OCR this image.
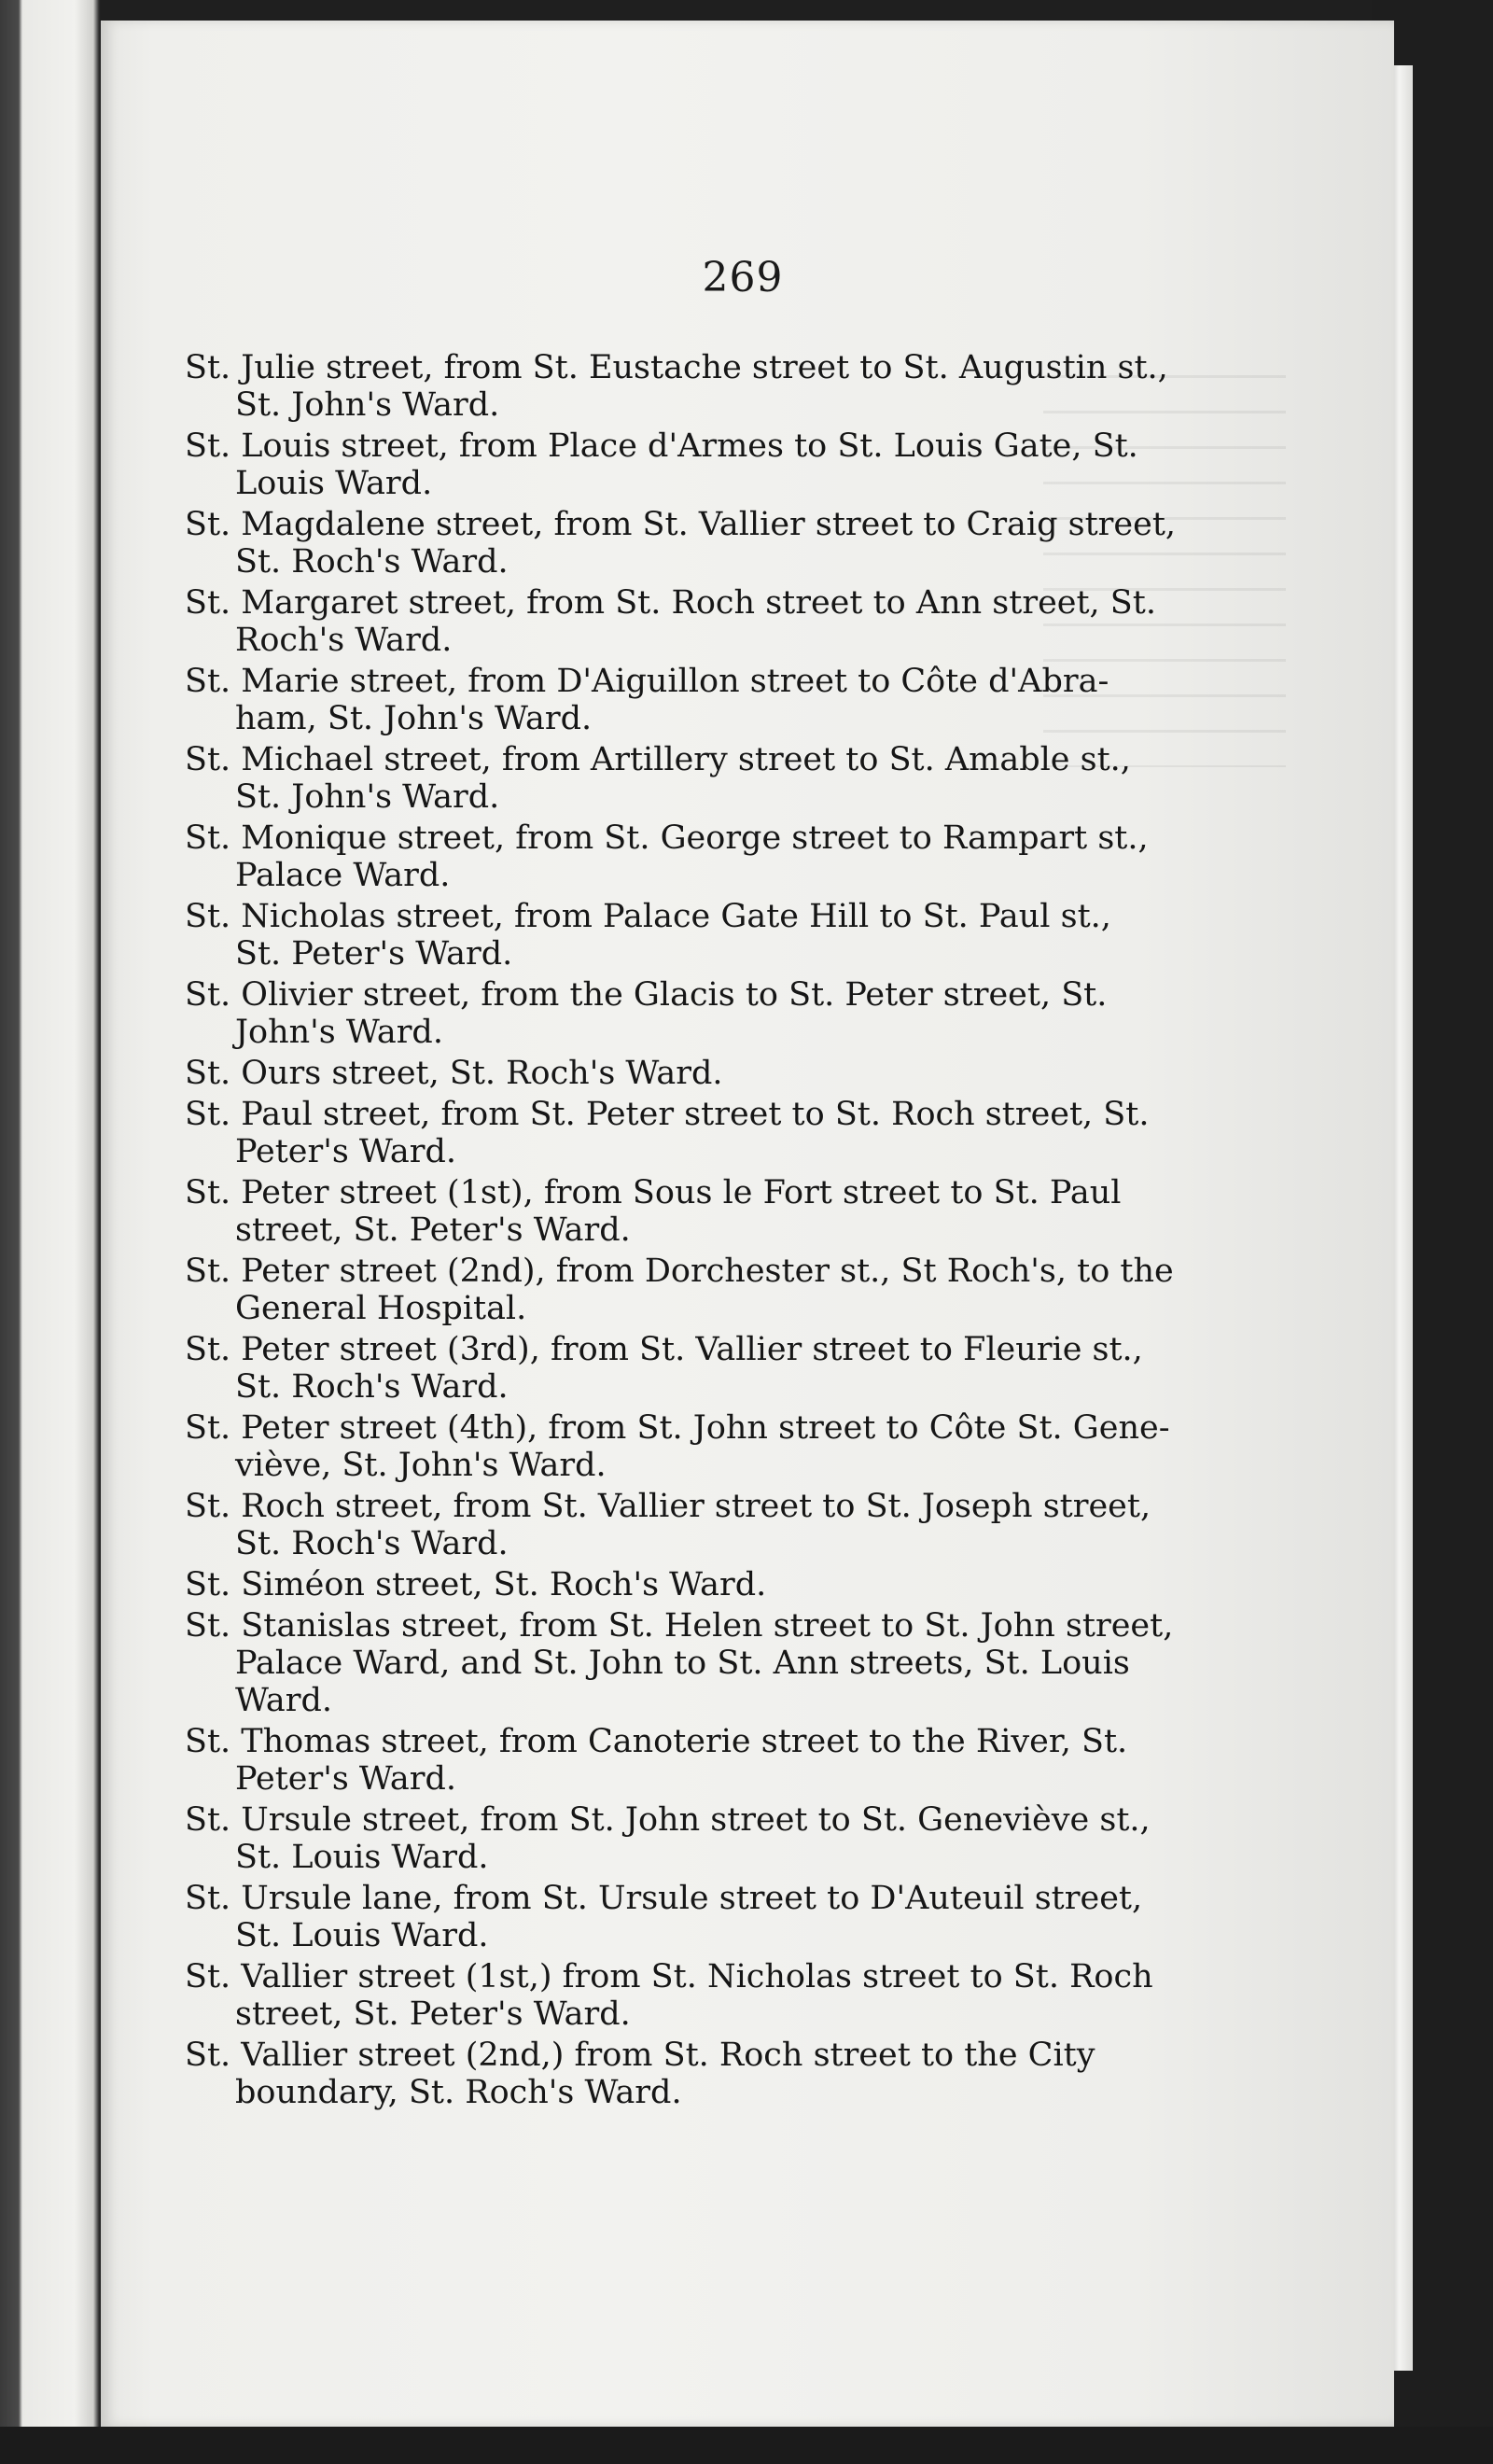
269
St. Julie street, from St. Eustache street to St. Augustin st.,
St. John's Ward.
St. Louis street, from Place d'Armes to St. Louis Gate, St.
Louis Ward.
St. Magdalene street, from St. Vallier street to Craig street,
St. Roch's Ward.
St. Margaret street, from St. Roch street to Ann street, St.
Roch's Ward.
St. Marie street, from D'Aiguillon street to Côte d'Abra-
ham, St. John's Ward.
St. Michael street, from Artillery street to St. Amable st.,
St. John's Ward.
St. Monique street, from St. George street to Rampart st.,
Palace Ward.
St. Nicholas street, from Palace Gate Hill to St. Paul st.,
St. Peter's Ward.
St. Olivier street, from the Glacis to St. Peter street, St.
John's Ward.
St. Ours street, St. Roch's Ward.
St. Paul street, from St. Peter street to St. Roch street, St.
Peter's Ward.
St. Peter street (1st), from Sous le Fort street to St. Paul
street, St. Peter's Ward.
St. Peter street (2nd), from Dorchester st., St Roch's, to the
General Hospital.
St. Peter street (3rd), from St. Vallier street to Fleurie st.,
St. Roch's Ward.
St. Peter street (4th), from St. John street to Côte St. Gene-
viève, St. John's Ward.
St. Roch street, from St. Vallier street to St. Joseph street,
St. Roch's Ward.
St. Siméon street, St. Roch's Ward.
St. Stanislas street, from St. Helen street to St. John street,
Palace Ward, and St. John to St. Ann streets, St. Louis
Ward.
St. Thomas street, from Canoterie street to the River, St.
Peter's Ward.
St. Ursule street, from St. John street to St. Geneviève st.,
St. Louis Ward.
St. Ursule lane, from St. Ursule street to D'Auteuil street,
St. Louis Ward.
St. Vallier street (1st,) from St. Nicholas street to St. Roch
street, St. Peter's Ward.
St. Vallier street (2nd,) from St. Roch street to the City
boundary, St. Roch's Ward.
